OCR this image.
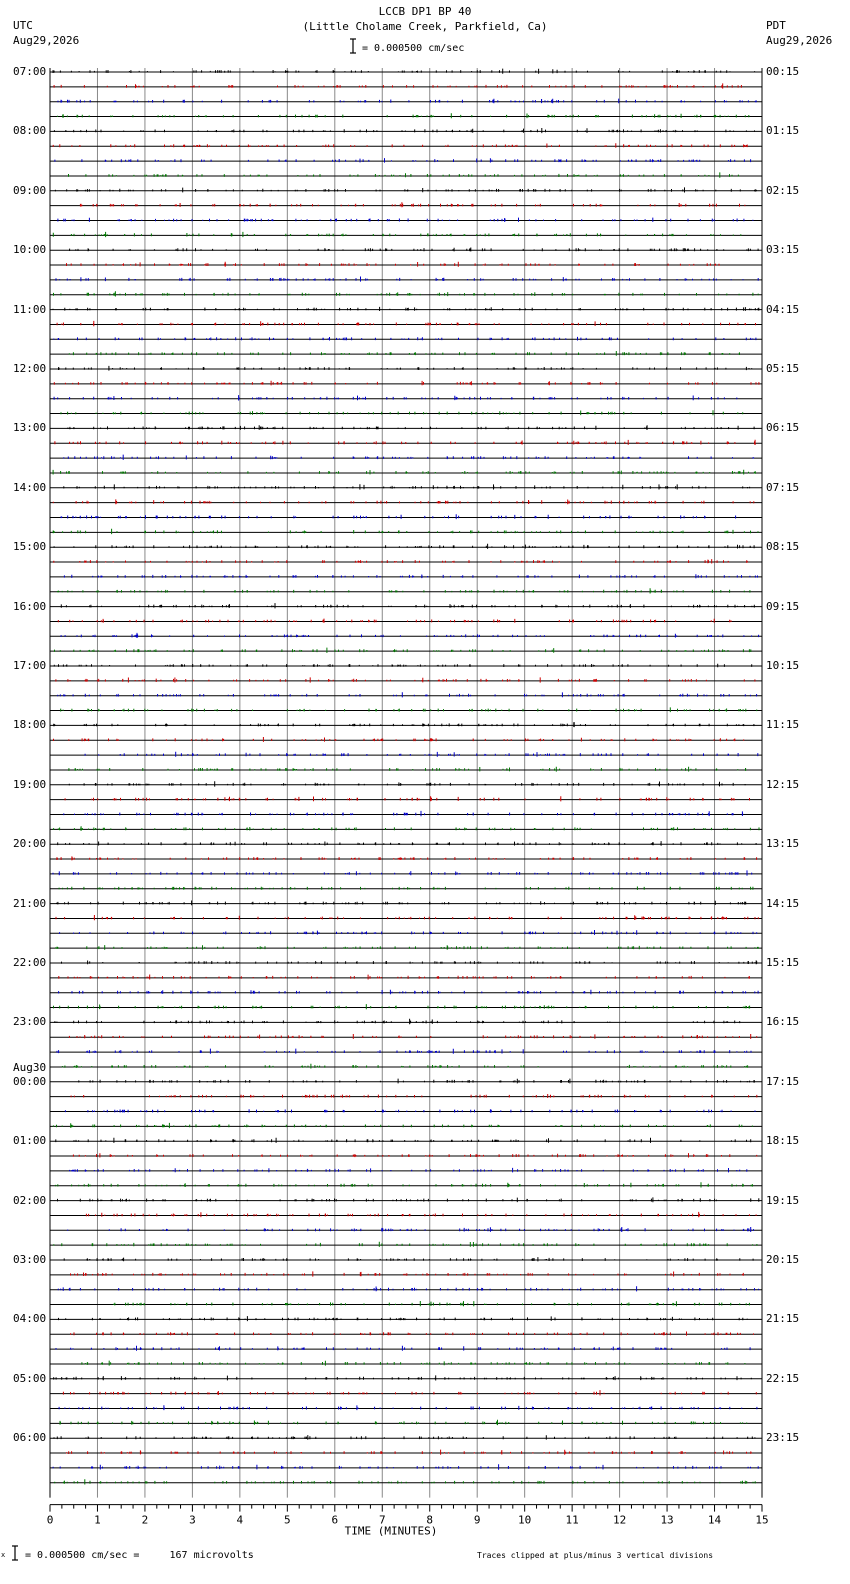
LCCB DP1 BP 40
(Little Cholame Creek, Parkfield, Ca)
UTC
Aug29,2026
PDT
Aug29,2026
= 0.000500 cm/sec
0	1	2	3	4	5	6	7	8	9	10	11	12	13	14	15
TIME (MINUTES)
07:00	00:15
08:00	01:15
09:00	02:15
10:00	03:15
11:00	04:15
12:00	05:15
13:00	06:15
14:00	07:15
15:00	08:15
16:00	09:15
17:00	10:15
18:00	11:15
19:00	12:15
20:00	13:15
21:00	14:15
22:00	15:15
23:00	16:15
00:00
Aug30
17:15
01:00	18:15
02:00	19:15
03:00	20:15
04:00	21:15
05:00	22:15
06:00	23:15
x = 0.000500 cm/sec =     167 microvolts	Traces clipped at plus/minus 3 vertical divisions
